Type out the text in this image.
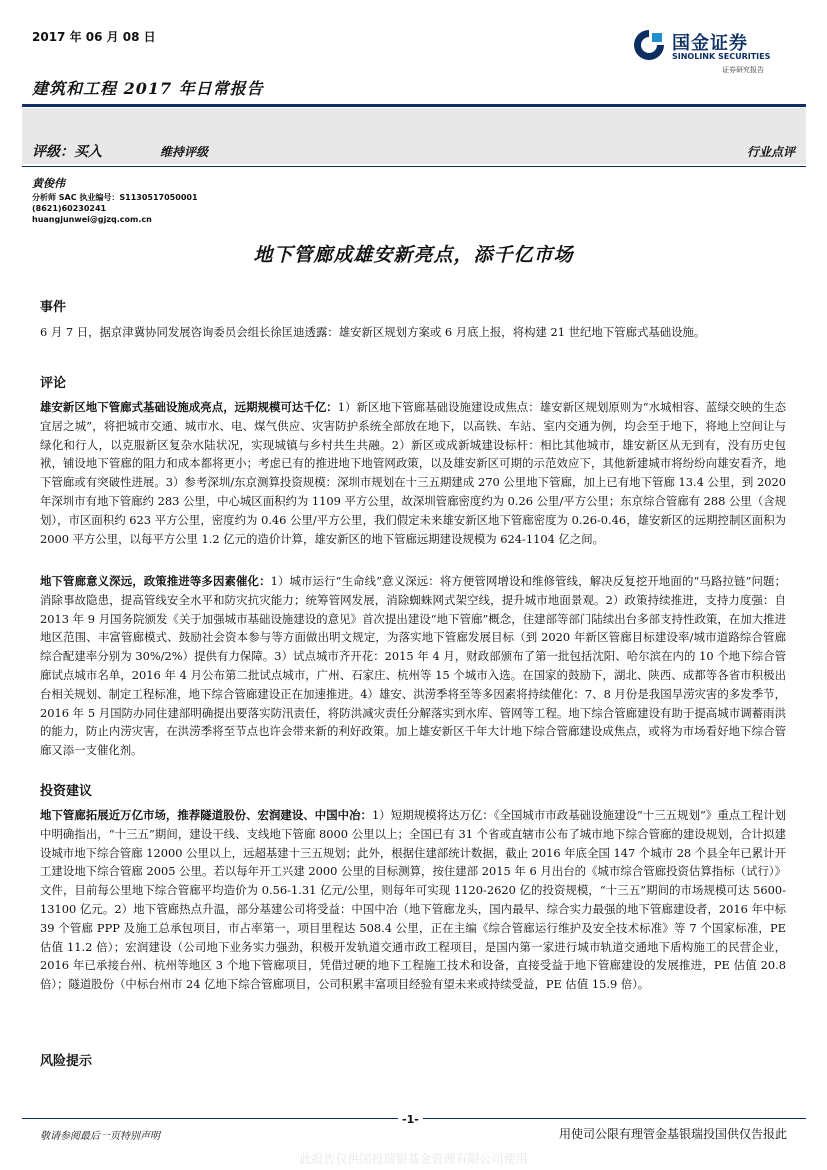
2017 年 06 月 08 日
建筑和工程 2017 年日常报告
国金证券
SINOLINK SECURITIES
证券研究报告
评级：买入	维持评级	行业点评
黄俊伟
分析师 SAC 执业编号：S1130517050001
(8621)60230241
huangjunwei@gjzq.com.cn
地下管廊成雄安新亮点，添千亿市场
事件

6 月 7 日，据京津冀协同发展咨询委员会组长徐匡迪透露：雄安新区规划方案或 6 月底上报，将构建 21 世纪地下管廊式基础设施。

评论

雄安新区地下管廊式基础设施成亮点，远期规模可达千亿：1）新区地下管廊基础设施建设成焦点：雄安新区规划原则为“水城相容、蓝绿交映的生态宜居之城”，将把城市交通、城市水、电、煤气供应、灾害防护系统全部放在地下，以高铁、车站、室内交通为例，均会至于地下，将地上空间让与绿化和行人，以克服新区复杂水陆状况，实现城镇与乡村共生共融。2）新区或成新城建设标杆：相比其他城市，雄安新区从无到有，没有历史包袱，铺设地下管廊的阻力和成本都将更小；考虑已有的推进地下地管网政策，以及雄安新区可期的示范效应下，其他新建城市将纷纷向雄安看齐，地下管廊或有突破性进展。3）参考深圳/东京测算投资规模：深圳市规划在十三五期建成 270 公里地下管廊，加上已有地下管廊 13.4 公里，到 2020 年深圳市有地下管廊约 283 公里，中心城区面积约为 1109 平方公里，故深圳管廊密度约为 0.26 公里/平方公里；东京综合管廊有 288 公里（含规划），市区面积约 623 平方公里，密度约为 0.46 公里/平方公里，我们假定未来雄安新区地下管廊密度为 0.26-0.46，雄安新区的远期控制区面积为 2000 平方公里，以每平方公里 1.2 亿元的造价计算，雄安新区的地下管廊远期建设规模为 624-1104 亿之间。

地下管廊意义深远，政策推进等多因素催化：1）城市运行“生命线”意义深远：将方便管网增设和维修管线，解决反复挖开地面的“马路拉链”问题；消除事故隐患，提高管线安全水平和防灾抗灾能力；统筹管网发展，消除蜘蛛网式架空线，提升城市地面景观。2）政策持续推进，支持力度强：自 2013 年 9 月国务院颁发《关于加强城市基础设施建设的意见》首次提出建设“地下管廊”概念，住建部等部门陆续出台多部支持性政策，在加大推进地区范围、丰富管廊模式、鼓励社会资本参与等方面做出明文规定，为落实地下管廊发展目标（到 2020 年新区管廊目标建设率/城市道路综合管廊综合配建率分别为 30%/2%）提供有力保障。3）试点城市齐开花：2015 年 4 月，财政部颁布了第一批包括沈阳、哈尔滨在内的 10 个地下综合管廊试点城市名单，2016 年 4 月公布第二批试点城市，广州、石家庄、杭州等 15 个城市入选。在国家的鼓励下，湖北、陕西、成都等各省市积极出台相关规划、制定工程标准，地下综合管廊建设正在加速推进。4）雄安、洪涝季将至等多因素将持续催化：7、8 月份是我国旱涝灾害的多发季节，2016 年 5 月国防办同住建部明确提出要落实防汛责任，将防洪减灾责任分解落实到水库、管网等工程。地下综合管廊建设有助于提高城市调蓄雨洪的能力，防止内涝灾害，在洪涝季将至节点也许会带来新的利好政策。加上雄安新区千年大计地下综合管廊建设成焦点，或将为市场看好地下综合管廊又添一支催化剂。

投资建议

地下管廊拓展近万亿市场，推荐隧道股份、宏润建设、中国中冶：1）短期规模将达万亿：《全国城市市政基础设施建设“十三五规划”》重点工程计划中明确指出，“十三五”期间，建设干线、支线地下管廊 8000 公里以上；全国已有 31 个省或直辖市公布了城市地下综合管廊的建设规划，合计拟建设城市地下综合管廊 12000 公里以上，远超基建十三五规划；此外，根据住建部统计数据，截止 2016 年底全国 147 个城市 28 个县全年已累计开工建设地下综合管廊 2005 公里。若以每年开工兴建 2000 公里的目标测算，按住建部 2015 年 6 月出台的《城市综合管廊投资估算指标（试行）》文件，目前每公里地下综合管廊平均造价为 0.56-1.31 亿元/公里，则每年可实现 1120-2620 亿的投资规模，“十三五”期间的市场规模可达 5600-13100 亿元。2）地下管廊热点升温，部分基建公司将受益：中国中冶（地下管廊龙头，国内最早、综合实力最强的地下管廊建设者，2016 年中标 39 个管廊 PPP 及施工总承包项目，市占率第一，项目里程达 508.4 公里，正在主编《综合管廊运行维护及安全技术标准》等 7 个国家标准，PE 估值 11.2 倍）；宏润建设（公司地下业务实力强劲，积极开发轨道交通市政工程项目，是国内第一家进行城市轨道交通地下盾构施工的民营企业，2016 年已承接台州、杭州等地区 3 个地下管廊项目，凭借过硬的地下工程施工技术和设备，直接受益于地下管廊建设的发展推进，PE 估值 20.8 倍）；隧道股份（中标台州市 24 亿地下综合管廊项目，公司积累丰富项目经验有望未来或持续受益，PE 估值 15.9 倍）。

风险提示
-1-
敬请参阅最后一页特别声明	用使司公限有理管金基银瑞投国供仅告报此
此报告仅供国投瑞银基金管理有限公司使用
